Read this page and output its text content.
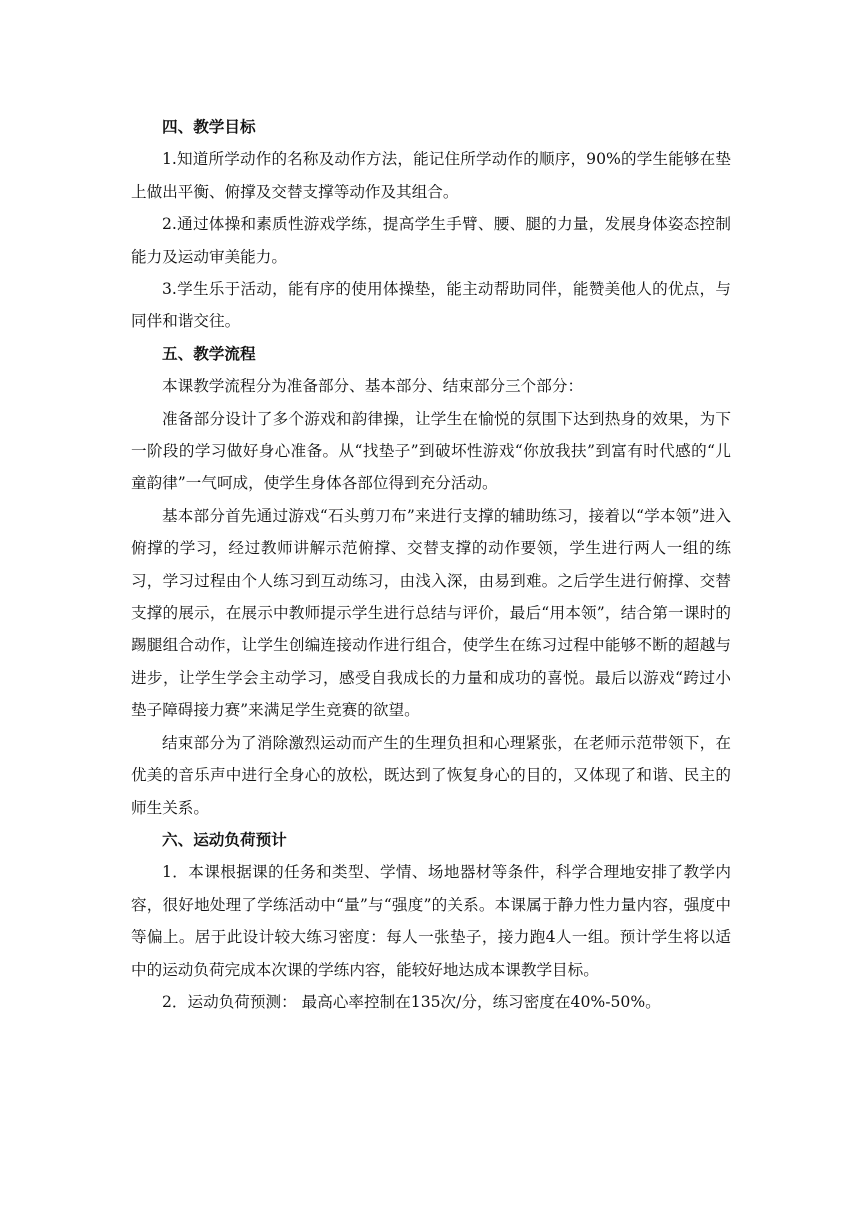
四、教学目标

1.知道所学动作的名称及动作方法，能记住所学动作的顺序，90%的学生能够在垫上做出平衡、俯撑及交替支撑等动作及其组合。

2.通过体操和素质性游戏学练，提高学生手臂、腰、腿的力量，发展身体姿态控制能力及运动审美能力。

3.学生乐于活动，能有序的使用体操垫，能主动帮助同伴，能赞美他人的优点，与同伴和谐交往。

五、教学流程

本课教学流程分为准备部分、基本部分、结束部分三个部分：

准备部分设计了多个游戏和韵律操，让学生在愉悦的氛围下达到热身的效果，为下一阶段的学习做好身心准备。从“找垫子”到破坏性游戏“你放我扶”到富有时代感的“儿童韵律”一气呵成，使学生身体各部位得到充分活动。

基本部分首先通过游戏“石头剪刀布”来进行支撑的辅助练习，接着以“学本领”进入俯撑的学习，经过教师讲解示范俯撑、交替支撑的动作要领，学生进行两人一组的练习，学习过程由个人练习到互动练习，由浅入深，由易到难。之后学生进行俯撑、交替支撑的展示，在展示中教师提示学生进行总结与评价，最后“用本领”，结合第一课时的踢腿组合动作，让学生创编连接动作进行组合，使学生在练习过程中能够不断的超越与进步，让学生学会主动学习，感受自我成长的力量和成功的喜悦。最后以游戏“跨过小垫子障碍接力赛”来满足学生竞赛的欲望。

结束部分为了消除激烈运动而产生的生理负担和心理紧张，在老师示范带领下，在优美的音乐声中进行全身心的放松，既达到了恢复身心的目的，又体现了和谐、民主的师生关系。

六、运动负荷预计

1．本课根据课的任务和类型、学情、场地器材等条件，科学合理地安排了教学内容，很好地处理了学练活动中“量”与“强度”的关系。本课属于静力性力量内容，强度中等偏上。居于此设计较大练习密度：每人一张垫子，接力跑4人一组。预计学生将以适中的运动负荷完成本次课的学练内容，能较好地达成本课教学目标。

2．运动负荷预测： 最高心率控制在135次/分，练习密度在40%-50%。
